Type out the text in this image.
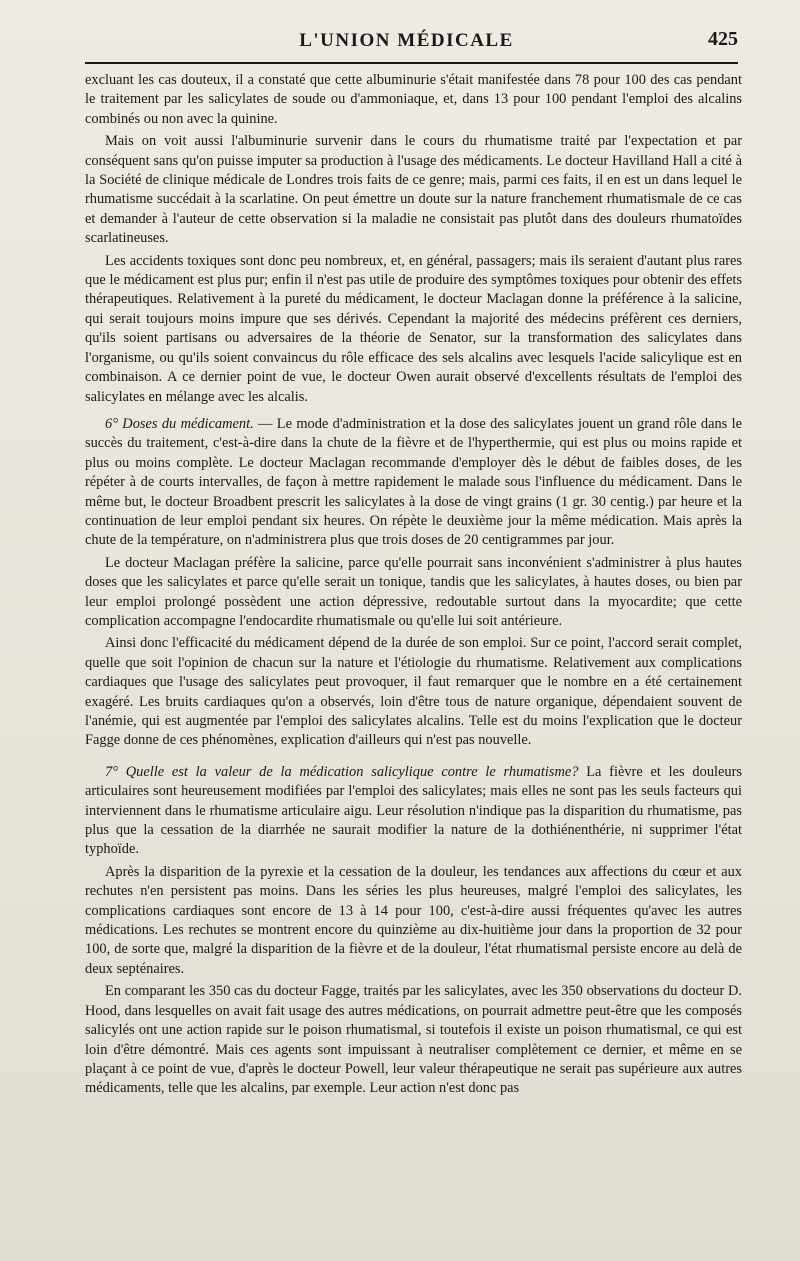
L'UNION MÉDICALE	425

excluant les cas douteux, il a constaté que cette albuminurie s'était manifestée dans 78 pour 100 des cas pendant le traitement par les salicylates de soude ou d'ammoniaque, et, dans 13 pour 100 pendant l'emploi des alcalins combinés ou non avec la quinine.

Mais on voit aussi l'albuminurie survenir dans le cours du rhumatisme traité par l'expectation et par conséquent sans qu'on puisse imputer sa production à l'usage des médicaments. Le docteur Havilland Hall a cité à la Société de clinique médicale de Londres trois faits de ce genre; mais, parmi ces faits, il en est un dans lequel le rhumatisme succédait à la scarlatine. On peut émettre un doute sur la nature franchement rhumatismale de ce cas et demander à l'auteur de cette observation si la maladie ne consistait pas plutôt dans des douleurs rhumatoïdes scarlatineuses.

Les accidents toxiques sont donc peu nombreux, et, en général, passagers; mais ils seraient d'autant plus rares que le médicament est plus pur; enfin il n'est pas utile de produire des symptômes toxiques pour obtenir des effets thérapeutiques. Relativement à la pureté du médicament, le docteur Maclagan donne la préférence à la salicine, qui serait toujours moins impure que ses dérivés. Cependant la majorité des médecins préfèrent ces derniers, qu'ils soient partisans ou adversaires de la théorie de Senator, sur la transformation des salicylates dans l'organisme, ou qu'ils soient convaincus du rôle efficace des sels alcalins avec lesquels l'acide salicylique est en combinaison. A ce dernier point de vue, le docteur Owen aurait observé d'excellents résultats de l'emploi des salicylates en mélange avec les alcalis.

6° Doses du médicament. — Le mode d'administration et la dose des salicylates jouent un grand rôle dans le succès du traitement, c'est-à-dire dans la chute de la fièvre et de l'hyperthermie, qui est plus ou moins rapide et plus ou moins complète. Le docteur Maclagan recommande d'employer dès le début de faibles doses, de les répéter à de courts intervalles, de façon à mettre rapidement le malade sous l'influence du médicament. Dans le même but, le docteur Broadbent prescrit les salicylates à la dose de vingt grains (1 gr. 30 centig.) par heure et la continuation de leur emploi pendant six heures. On répète le deuxième jour la même médication. Mais après la chute de la température, on n'administrera plus que trois doses de 20 centigrammes par jour.

Le docteur Maclagan préfère la salicine, parce qu'elle pourrait sans inconvénient s'administrer à plus hautes doses que les salicylates et parce qu'elle serait un tonique, tandis que les salicylates, à hautes doses, ou bien par leur emploi prolongé possèdent une action dépressive, redoutable surtout dans la myocardite; que cette complication accompagne l'endocardite rhumatismale ou qu'elle lui soit antérieure.

Ainsi donc l'efficacité du médicament dépend de la durée de son emploi. Sur ce point, l'accord serait complet, quelle que soit l'opinion de chacun sur la nature et l'étiologie du rhumatisme. Relativement aux complications cardiaques que l'usage des salicylates peut provoquer, il faut remarquer que le nombre en a été certainement exagéré. Les bruits cardiaques qu'on a observés, loin d'être tous de nature organique, dépendaient souvent de l'anémie, qui est augmentée par l'emploi des salicylates alcalins. Telle est du moins l'explication que le docteur Fagge donne de ces phénomènes, explication d'ailleurs qui n'est pas nouvelle.

7° Quelle est la valeur de la médication salicylique contre le rhumatisme? La fièvre et les douleurs articulaires sont heureusement modifiées par l'emploi des salicylates; mais elles ne sont pas les seuls facteurs qui interviennent dans le rhumatisme articulaire aigu. Leur résolution n'indique pas la disparition du rhumatisme, pas plus que la cessation de la diarrhée ne saurait modifier la nature de la dothiénenthérie, ni supprimer l'état typhoïde.

Après la disparition de la pyrexie et la cessation de la douleur, les tendances aux affections du cœur et aux rechutes n'en persistent pas moins. Dans les séries les plus heureuses, malgré l'emploi des salicylates, les complications cardiaques sont encore de 13 à 14 pour 100, c'est-à-dire aussi fréquentes qu'avec les autres médications. Les rechutes se montrent encore du quinzième au dix-huitième jour dans la proportion de 32 pour 100, de sorte que, malgré la disparition de la fièvre et de la douleur, l'état rhumatismal persiste encore au delà de deux septénaires.

En comparant les 350 cas du docteur Fagge, traités par les salicylates, avec les 350 observations du docteur D. Hood, dans lesquelles on avait fait usage des autres médications, on pourrait admettre peut-être que les composés salicylés ont une action rapide sur le poison rhumatismal, si toutefois il existe un poison rhumatismal, ce qui est loin d'être démontré. Mais ces agents sont impuissant à neutraliser complètement ce dernier, et même en se plaçant à ce point de vue, d'après le docteur Powell, leur valeur thérapeutique ne serait pas supérieure aux autres médicaments, telle que les alcalins, par exemple. Leur action n'est donc pas
